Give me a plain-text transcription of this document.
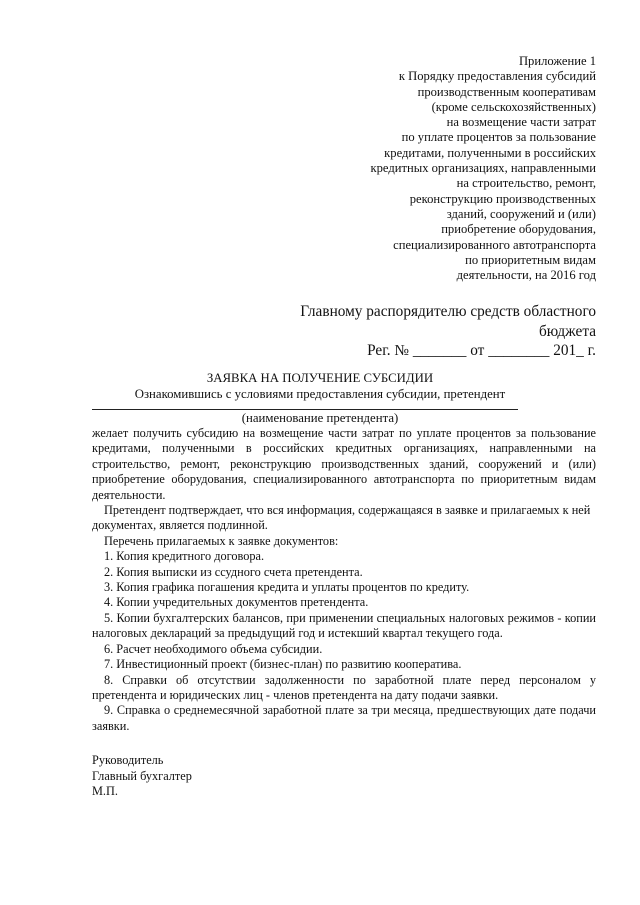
Приложение 1
к Порядку предоставления субсидий
производственным кооперативам
(кроме сельскохозяйственных)
на возмещение части затрат
по уплате процентов за пользование
кредитами, полученными в российских
кредитных организациях, направленными
на строительство, ремонт,
реконструкцию производственных
зданий, сооружений и (или)
приобретение оборудования,
специализированного автотранспорта
по приоритетным видам
деятельности, на 2016 год
Главному распорядителю средств областного
бюджета
Рег. № _______ от ________ 201_ г.
ЗАЯВКА НА ПОЛУЧЕНИЕ СУБСИДИИ
Ознакомившись с условиями предоставления субсидии, претендент
(наименование претендента)

желает получить субсидию на возмещение части затрат по уплате процентов за пользование кредитами, полученными в российских кредитных организациях, направленными на строительство, ремонт, реконструкцию производственных зданий, сооружений и (или) приобретение оборудования, специализированного автотранспорта по приоритетным видам деятельности.

Претендент подтверждает, что вся информация, содержащаяся в заявке и прилагаемых к ней документах, является подлинной.

Перечень прилагаемых к заявке документов:

1. Копия кредитного договора.

2. Копия выписки из ссудного счета претендента.

3. Копия графика погашения кредита и уплаты процентов по кредиту.

4. Копии учредительных документов претендента.

5. Копии бухгалтерских балансов, при применении специальных налоговых режимов - копии налоговых деклараций за предыдущий год и истекший квартал текущего года.

6. Расчет необходимого объема субсидии.

7. Инвестиционный проект (бизнес-план) по развитию кооператива.

8. Справки об отсутствии задолженности по заработной плате перед персоналом у претендента и юридических лиц - членов претендента на дату подачи заявки.

9. Справка о среднемесячной заработной плате за три месяца, предшествующих дате подачи заявки.

Руководитель
Главный бухгалтер
М.П.
